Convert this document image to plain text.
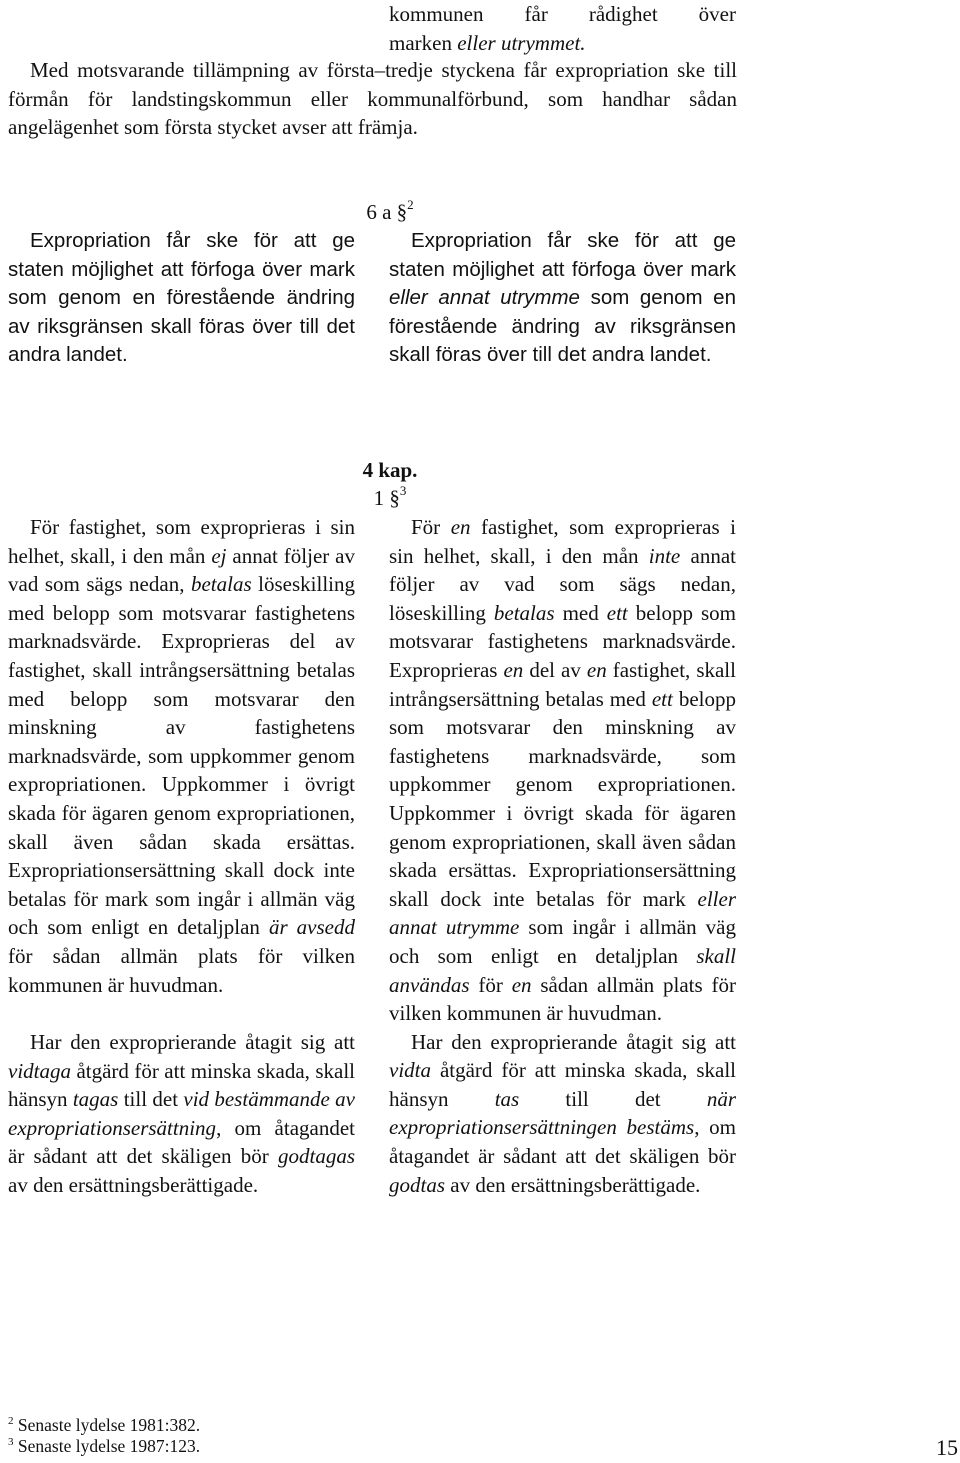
kommunen får rådighet över
marken eller utrymmet.

Med motsvarande tillämpning av första–tredje styckena får expropriation ske till förmån för landstingskommun eller kommunalförbund, som handhar sådan angelägenhet som första stycket avser att främja.

6 a §$^2$

Expropriation får ske för att ge staten möjlighet att förfoga över mark som genom en förestående ändring av riksgränsen skall föras över till det andra landet.

Expropriation får ske för att ge staten möjlighet att förfoga över mark eller annat utrymme som genom en förestående ändring av riksgränsen skall föras över till det andra landet.

4 kap.
1 §$^3$

För fastighet, som exproprieras i sin helhet, skall, i den mån ej annat följer av vad som sägs nedan, betalas löseskilling med belopp som motsvarar fastighetens marknadsvärde. Exproprieras del av fastighet, skall intrångsersättning betalas med belopp som motsvarar den minskning av fastighetens marknadsvärde, som uppkommer genom expropriationen. Uppkommer i övrigt skada för ägaren genom expropriationen, skall även sådan skada ersättas. Expropriationsersättning skall dock inte betalas för mark som ingår i allmän väg och som enligt en detaljplan är avsedd för sådan allmän plats för vilken kommunen är huvudman.

Har den exproprierande åtagit sig att vidtaga åtgärd för att minska skada, skall hänsyn tagas till det vid bestämmande av expropriationsersättning, om åtagandet är sådant att det skäligen bör godtagas av den ersättningsberättigade.

För en fastighet, som exproprieras i sin helhet, skall, i den mån inte annat följer av vad som sägs nedan, löseskilling betalas med ett belopp som motsvarar fastighetens marknadsvärde. Exproprieras en del av en fastighet, skall intrångsersättning betalas med ett belopp som motsvarar den minskning av fastighetens marknadsvärde, som uppkommer genom expropriationen. Uppkommer i övrigt skada för ägaren genom expropriationen, skall även sådan skada ersättas. Expropriationsersättning skall dock inte betalas för mark eller annat utrymme som ingår i allmän väg och som enligt en detaljplan skall användas för en sådan allmän plats för vilken kommunen är huvudman.

Har den exproprierande åtagit sig att vidta åtgärd för att minska skada, skall hänsyn tas till det när expropriationsersättningen bestäms, om åtagandet är sådant att det skäligen bör godtas av den ersättningsberättigade.

$^2$ Senaste lydelse 1981:382.
$^3$ Senaste lydelse 1987:123.	15
